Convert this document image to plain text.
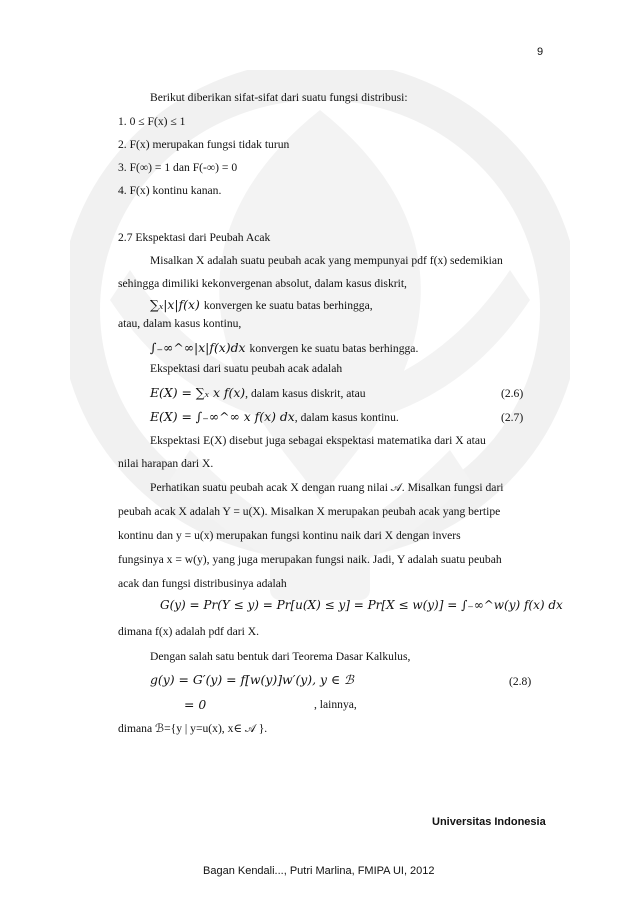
9
Berikut diberikan sifat-sifat dari suatu fungsi distribusi:
1. 0 ≤ F(x) ≤ 1
2. F(x) merupakan fungsi tidak turun
3. F(∞) = 1 dan F(-∞) = 0
4. F(x) kontinu kanan.
2.7 Ekspektasi dari Peubah Acak
Misalkan X adalah suatu peubah acak yang mempunyai pdf f(x) sedemikian
sehingga dimiliki kekonvergenan absolut, dalam kasus diskrit,
∑ₓ|x|f(x) konvergen ke suatu batas berhingga,
atau, dalam kasus kontinu,
∫₋∞^∞|x|f(x)dx konvergen ke suatu batas berhingga.
Ekspektasi dari suatu peubah acak adalah
E(X) = ∑ₓ x f(x), dalam kasus diskrit, atau	(2.6)
E(X) = ∫₋∞^∞ x f(x) dx, dalam kasus kontinu.	(2.7)
Ekspektasi E(X) disebut juga sebagai ekspektasi matematika dari X atau
nilai harapan dari X.
Perhatikan suatu peubah acak X dengan ruang nilai 𝒜. Misalkan fungsi dari
peubah acak X adalah Y = u(X). Misalkan X merupakan peubah acak yang bertipe
kontinu dan y = u(x) merupakan fungsi kontinu naik dari X dengan invers
fungsinya x = w(y), yang juga merupakan fungsi naik. Jadi, Y adalah suatu peubah
acak dan fungsi distribusinya adalah
G(y) = Pr(Y ≤ y) = Pr[u(X) ≤ y] = Pr[X ≤ w(y)] = ∫₋∞^w(y) f(x) dx
dimana f(x) adalah pdf dari X.
Dengan salah satu bentuk dari Teorema Dasar Kalkulus,
g(y) = G′(y) = f[w(y)]w′(y), y ∈ ℬ	(2.8)
= 0	, lainnya,
dimana ℬ={y | y=u(x), x∈ 𝒜 }.
Universitas Indonesia
Bagan Kendali..., Putri Marlina, FMIPA UI, 2012
